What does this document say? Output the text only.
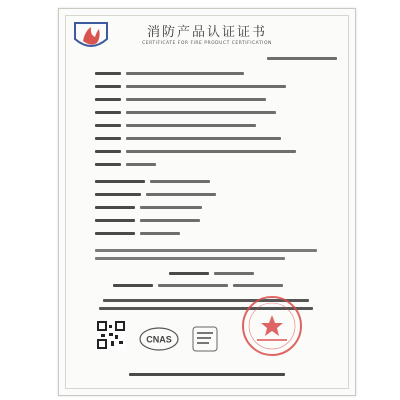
消防产品认证证书
CERTIFICATE FOR FIRE PRODUCT CERTIFICATION
CNAS
